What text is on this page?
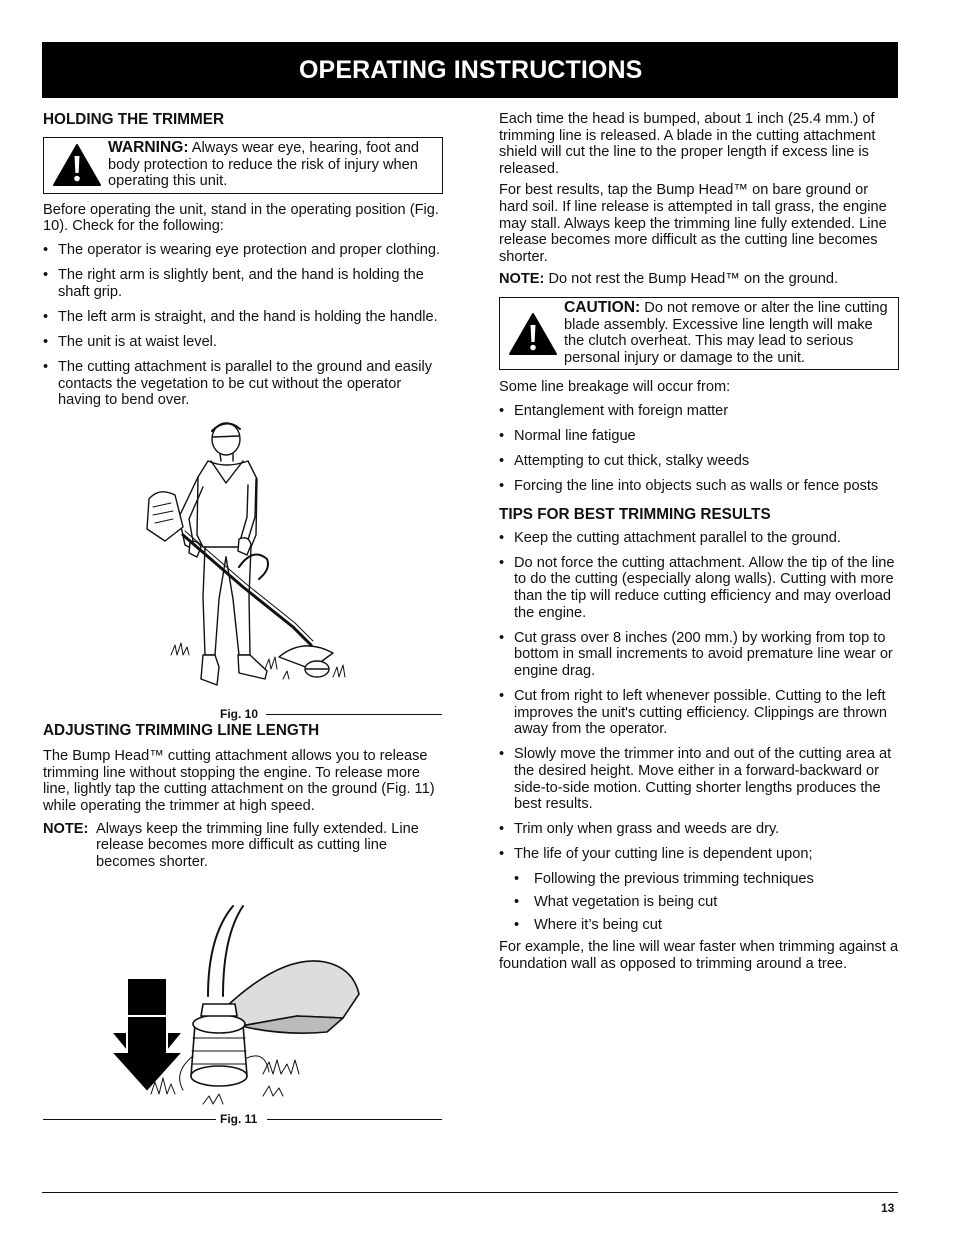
OPERATING INSTRUCTIONS
HOLDING THE TRIMMER
WARNING: Always wear eye, hearing, foot and body protection to reduce the risk of injury when operating this unit.

Before operating the unit, stand in the operating position (Fig. 10). Check for the following:

• The operator is wearing eye protection and proper clothing.
• The right arm is slightly bent, and the hand is holding the shaft grip.
• The left arm is straight, and the hand is holding the handle.
• The unit is at waist level.
• The cutting attachment is parallel to the ground and easily contacts the vegetation to be cut without the operator having to bend over.
Fig. 10
ADJUSTING TRIMMING LINE LENGTH

The Bump Head™ cutting attachment allows you to release trimming line without stopping the engine. To release more line, lightly tap the cutting attachment on the ground (Fig. 11) while operating the trimmer at high speed.

NOTE: Always keep the trimming line fully extended. Line release becomes more difficult as cutting line becomes shorter.
Fig. 11

Each time the head is bumped, about 1 inch (25.4 mm.) of trimming line is released. A blade in the cutting attachment shield will cut the line to the proper length if excess line is released.

For best results, tap the Bump Head™ on bare ground or hard soil. If line release is attempted in tall grass, the engine may stall. Always keep the trimming line fully extended. Line release becomes more difficult as the cutting line becomes shorter.

NOTE: Do not rest the Bump Head™ on the ground.

CAUTION: Do not remove or alter the line cutting blade assembly. Excessive line length will make the clutch overheat. This may lead to serious personal injury or damage to the unit.

Some line breakage will occur from:

• Entanglement with foreign matter
• Normal line fatigue
• Attempting to cut thick, stalky weeds
• Forcing the line into objects such as walls or fence posts
TIPS FOR BEST TRIMMING RESULTS
• Keep the cutting attachment parallel to the ground.
• Do not force the cutting attachment. Allow the tip of the line to do the cutting (especially along walls). Cutting with more than the tip will reduce cutting efficiency and may overload the engine.
• Cut grass over 8 inches (200 mm.) by working from top to bottom in small increments to avoid premature line wear or engine drag.
• Cut from right to left whenever possible. Cutting to the left improves the unit's cutting efficiency. Clippings are thrown away from the operator.
• Slowly move the trimmer into and out of the cutting area at the desired height. Move either in a forward-backward or side-to-side motion. Cutting shorter lengths produces the best results.
• Trim only when grass and weeds are dry.
• The life of your cutting line is dependent upon;
• Following the previous trimming techniques
• What vegetation is being cut
• Where it’s being cut

For example, the line will wear faster when trimming against a foundation wall as opposed to trimming around a tree.

13
